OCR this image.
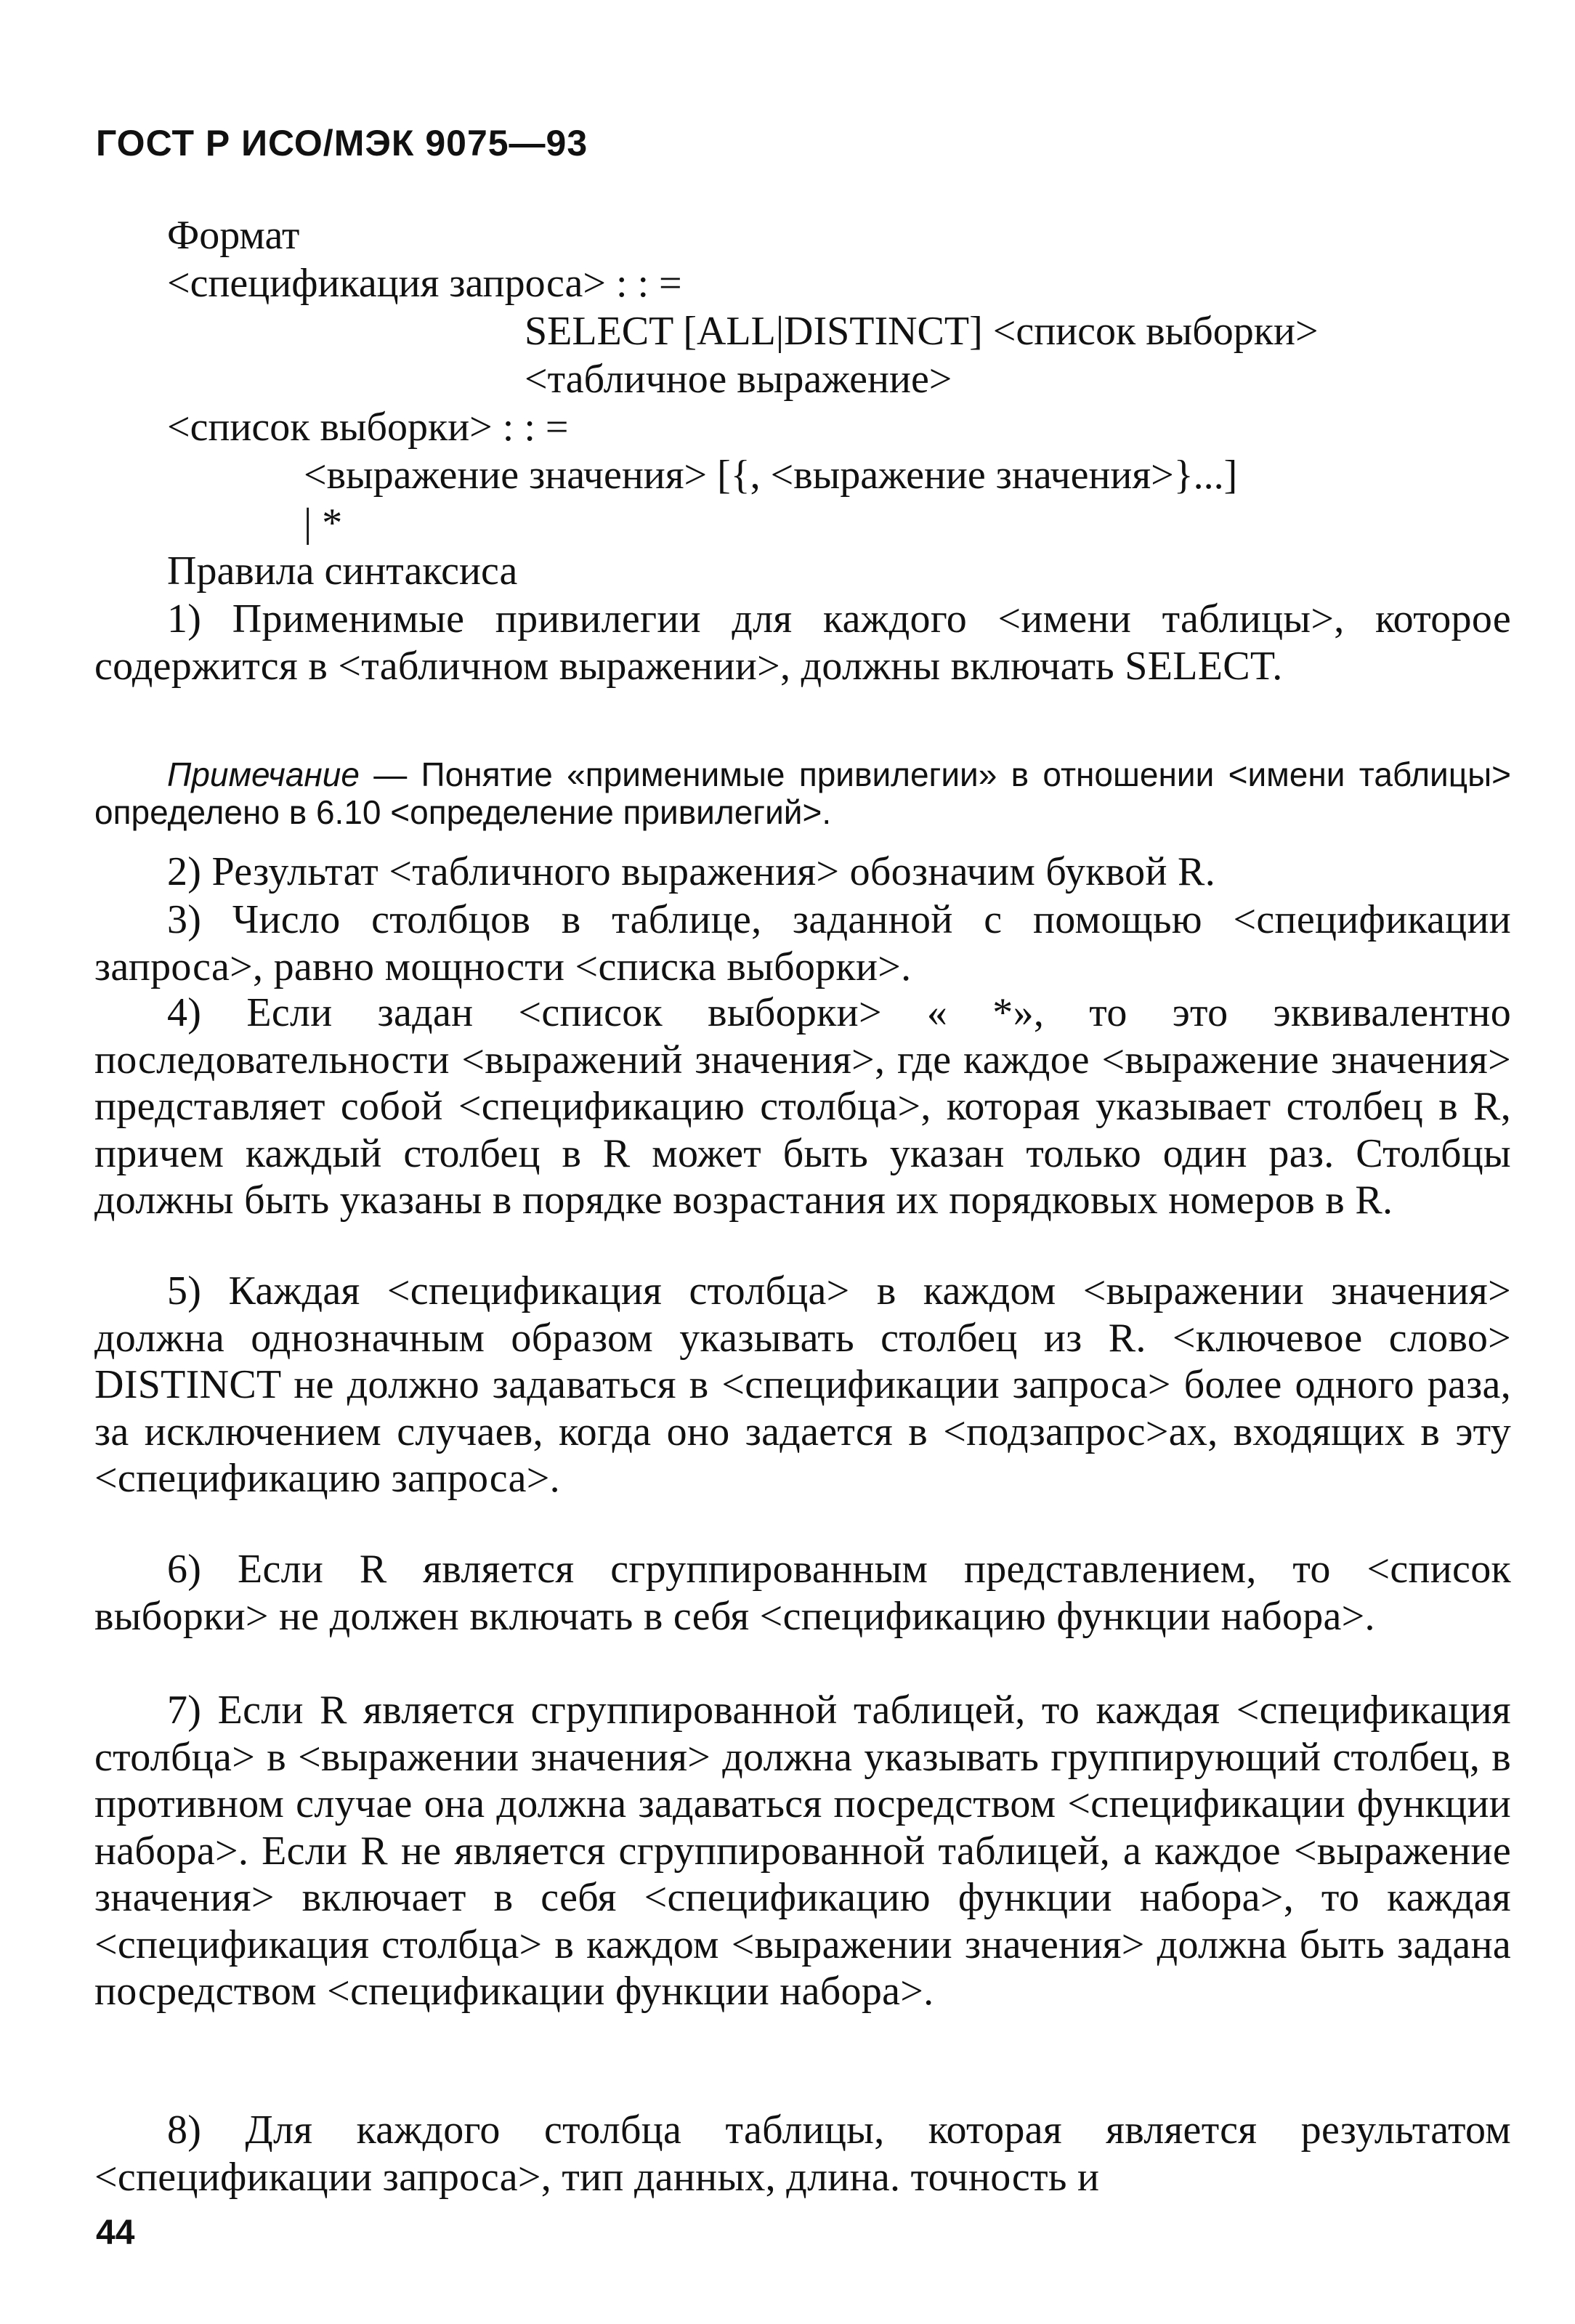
ГОСТ Р ИСО/МЭК 9075—93
Формат
<спецификация запроса> : : =
SELECT [ALL|DISTINCT] <список выборки>
<табличное выражение>
<список выборки> : : =
<выражение значения> [{, <выражение значения>}...]
| *
Правила синтаксиса
1) Применимые привилегии для каждого <имени таблицы>, которое содержится в <табличном выражении>, должны включать SELECT.
Примечание — Понятие «применимые привилегии» в отношении <имени таблицы> определено в 6.10 <определение привилегий>.
2) Результат <табличного выражения> обозначим буквой R.
3) Число столбцов в таблице, заданной с помощью <спецификации запроса>, равно мощности <списка выборки>.
4) Если задан <список выборки> « *», то это эквивалентно последовательности <выражений значения>, где каждое <выражение значения> представляет собой <спецификацию столбца>, которая указывает столбец в R, причем каждый столбец в R может быть указан только один раз. Столбцы должны быть указаны в порядке возрастания их порядковых номеров в R.
5) Каждая <спецификация столбца> в каждом <выражении значения> должна однозначным образом указывать столбец из R. <ключевое слово> DISTINCT не должно задаваться в <спецификации запроса> более одного раза, за исключением случаев, когда оно задается в <подзапрос>ах, входящих в эту <спецификацию запроса>.
6) Если R является сгруппированным представлением, то <список выборки> не должен включать в себя <спецификацию функции набора>.
7) Если R является сгруппированной таблицей, то каждая <спецификация столбца> в <выражении значения> должна указывать группирующий столбец, в противном случае она должна задаваться посредством <спецификации функции набора>. Если R не является сгруппированной таблицей, а каждое <выражение значения> включает в себя <спецификацию функции набора>, то каждая <спецификация столбца> в каждом <выражении значения> должна быть задана посредством <спецификации функции набора>.
8) Для каждого столбца таблицы, которая является результатом <спецификации запроса>, тип данных, длина. точность и
44
